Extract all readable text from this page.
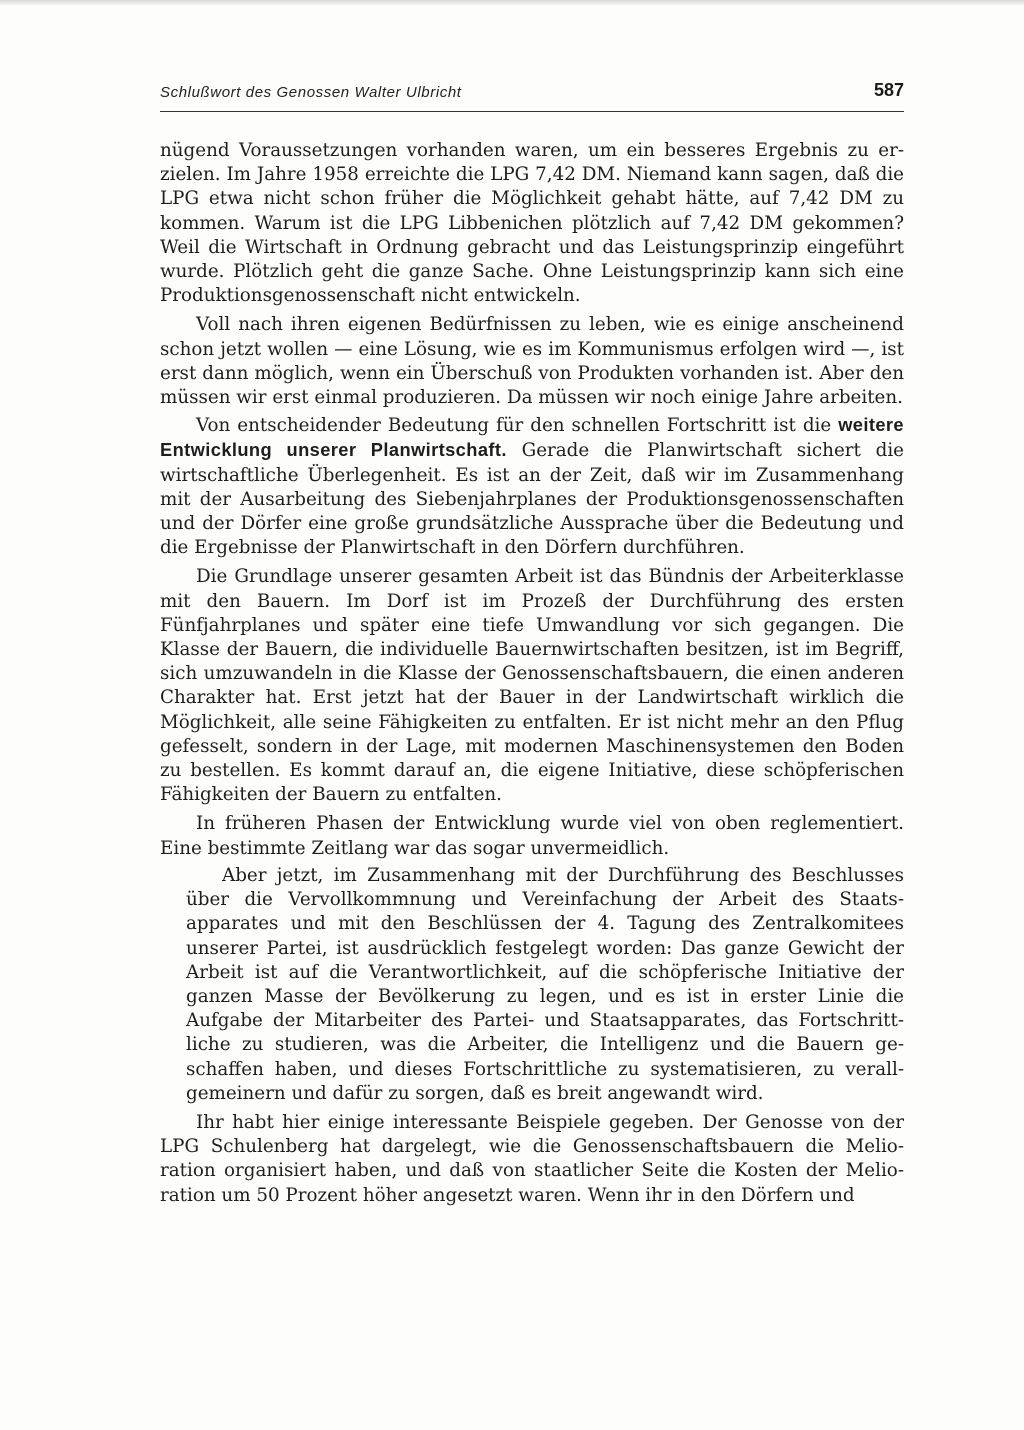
Schlußwort des Genossen Walter Ulbricht	587

nügend Voraussetzungen vorhanden waren, um ein besseres Ergebnis zu erzielen. Im Jahre 1958 erreichte die LPG 7,42 DM. Niemand kann sagen, daß die LPG etwa nicht schon früher die Möglichkeit gehabt hätte, auf 7,42 DM zu kommen. Warum ist die LPG Libbenichen plötzlich auf 7,42 DM gekommen? Weil die Wirtschaft in Ordnung gebracht und das Leistungsprinzip eingeführt wurde. Plötzlich geht die ganze Sache. Ohne Leistungsprinzip kann sich eine Produktionsgenossenschaft nicht entwickeln.

Voll nach ihren eigenen Bedürfnissen zu leben, wie es einige anscheinend schon jetzt wollen — eine Lösung, wie es im Kommunismus erfolgen wird —, ist erst dann möglich, wenn ein Überschuß von Produkten vorhanden ist. Aber den müssen wir erst einmal produzieren. Da müssen wir noch einige Jahre arbeiten.

Von entscheidender Bedeutung für den schnellen Fortschritt ist die weitere Entwicklung unserer Planwirtschaft. Gerade die Planwirtschaft sichert die wirtschaftliche Überlegenheit. Es ist an der Zeit, daß wir im Zusammenhang mit der Ausarbeitung des Siebenjahrplanes der Produktionsgenossenschaften und der Dörfer eine große grundsätzliche Aussprache über die Bedeutung und die Ergebnisse der Planwirtschaft in den Dörfern durchführen.

Die Grundlage unserer gesamten Arbeit ist das Bündnis der Arbeiterklasse mit den Bauern. Im Dorf ist im Prozeß der Durchführung des ersten Fünfjahrplanes und später eine tiefe Umwandlung vor sich gegangen. Die Klasse der Bauern, die individuelle Bauernwirtschaften besitzen, ist im Begriff, sich umzuwandeln in die Klasse der Genossenschaftsbauern, die einen anderen Charakter hat. Erst jetzt hat der Bauer in der Landwirtschaft wirklich die Möglichkeit, alle seine Fähigkeiten zu entfalten. Er ist nicht mehr an den Pflug gefesselt, sondern in der Lage, mit modernen Maschinensystemen den Boden zu bestellen. Es kommt darauf an, die eigene Initiative, diese schöpferischen Fähigkeiten der Bauern zu entfalten.

In früheren Phasen der Entwicklung wurde viel von oben reglementiert. Eine bestimmte Zeitlang war das sogar unvermeidlich.

Aber jetzt, im Zusammenhang mit der Durchführung des Beschlusses über die Vervollkommnung und Vereinfachung der Arbeit des Staatsapparates und mit den Beschlüssen der 4. Tagung des Zentralkomitees unserer Partei, ist ausdrücklich festgelegt worden: Das ganze Gewicht der Arbeit ist auf die Verantwortlichkeit, auf die schöpferische Initiative der ganzen Masse der Bevölkerung zu legen, und es ist in erster Linie die Aufgabe der Mitarbeiter des Partei- und Staatsapparates, das Fortschrittliche zu studieren, was die Arbeiter, die Intelligenz und die Bauern geschaffen haben, und dieses Fortschrittliche zu systematisieren, zu verallgemeinern und dafür zu sorgen, daß es breit angewandt wird.

Ihr habt hier einige interessante Beispiele gegeben. Der Genosse von der LPG Schulenberg hat dargelegt, wie die Genossenschaftsbauern die Melioration organisiert haben, und daß von staatlicher Seite die Kosten der Melioration um 50 Prozent höher angesetzt waren. Wenn ihr in den Dörfern und
